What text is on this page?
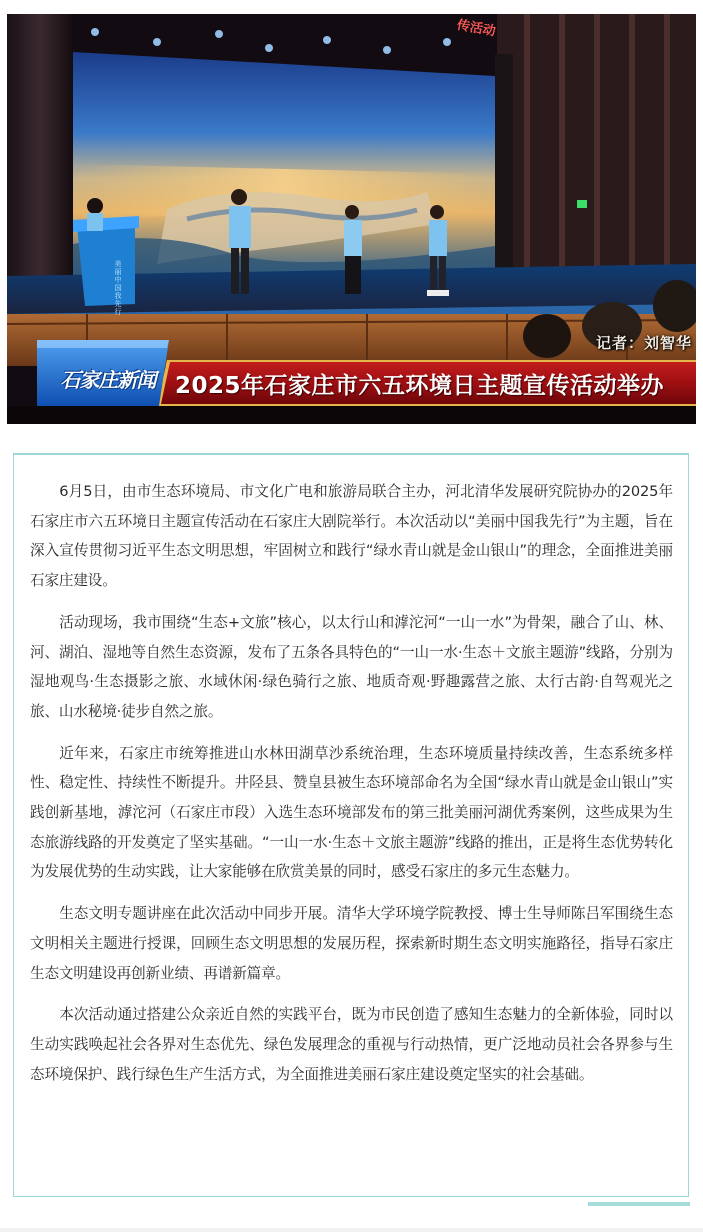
传活动
美丽中国我先行
记者：刘智华
石家庄新闻 2025年石家庄市六五环境日主题宣传活动举办

6月5日，由市生态环境局、市文化广电和旅游局联合主办，河北清华发展研究院协办的2025年石家庄市六五环境日主题宣传活动在石家庄大剧院举行。本次活动以“美丽中国我先行”为主题，旨在深入宣传贯彻习近平生态文明思想，牢固树立和践行“绿水青山就是金山银山”的理念，全面推进美丽石家庄建设。

活动现场，我市围绕“生态+文旅”核心，以太行山和滹沱河“一山一水”为骨架，融合了山、林、河、湖泊、湿地等自然生态资源，发布了五条各具特色的“一山一水·生态＋文旅主题游”线路，分别为湿地观鸟·生态摄影之旅、水域休闲·绿色骑行之旅、地质奇观·野趣露营之旅、太行古韵·自驾观光之旅、山水秘境·徒步自然之旅。

近年来，石家庄市统筹推进山水林田湖草沙系统治理，生态环境质量持续改善，生态系统多样性、稳定性、持续性不断提升。井陉县、赞皇县被生态环境部命名为全国“绿水青山就是金山银山”实践创新基地，滹沱河（石家庄市段）入选生态环境部发布的第三批美丽河湖优秀案例，这些成果为生态旅游线路的开发奠定了坚实基础。“一山一水·生态＋文旅主题游”线路的推出，正是将生态优势转化为发展优势的生动实践，让大家能够在欣赏美景的同时，感受石家庄的多元生态魅力。

生态文明专题讲座在此次活动中同步开展。清华大学环境学院教授、博士生导师陈吕军围绕生态文明相关主题进行授课，回顾生态文明思想的发展历程，探索新时期生态文明实施路径，指导石家庄生态文明建设再创新业绩、再谱新篇章。

本次活动通过搭建公众亲近自然的实践平台，既为市民创造了感知生态魅力的全新体验，同时以生动实践唤起社会各界对生态优先、绿色发展理念的重视与行动热情，更广泛地动员社会各界参与生态环境保护、践行绿色生产生活方式，为全面推进美丽石家庄建设奠定坚实的社会基础。
